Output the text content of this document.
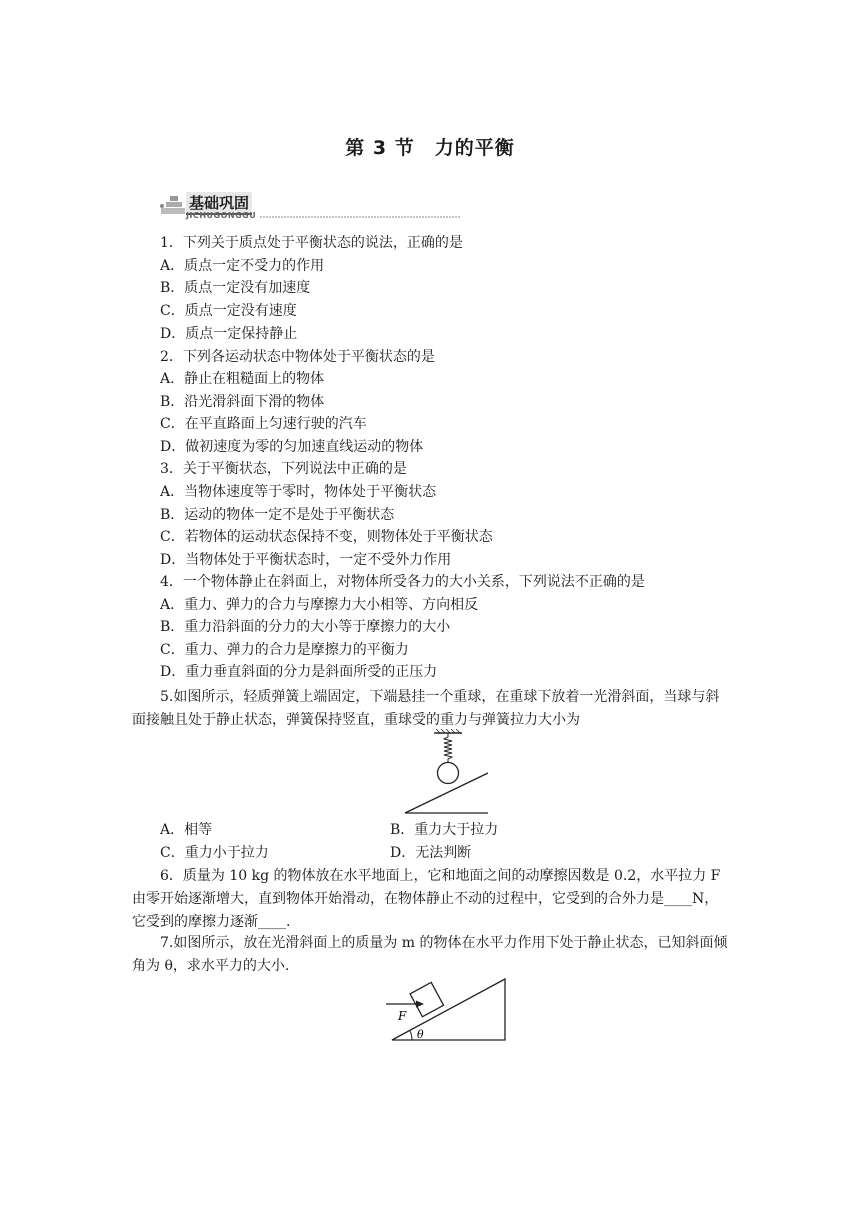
第 3 节　力的平衡
基础巩固
JICHUGONGGU
1．下列关于质点处于平衡状态的说法，正确的是
A．质点一定不受力的作用
B．质点一定没有加速度
C．质点一定没有速度
D．质点一定保持静止
2．下列各运动状态中物体处于平衡状态的是
A．静止在粗糙面上的物体
B．沿光滑斜面下滑的物体
C．在平直路面上匀速行驶的汽车
D．做初速度为零的匀加速直线运动的物体
3．关于平衡状态，下列说法中正确的是
A．当物体速度等于零时，物体处于平衡状态
B．运动的物体一定不是处于平衡状态
C．若物体的运动状态保持不变，则物体处于平衡状态
D．当物体处于平衡状态时，一定不受外力作用
4．一个物体静止在斜面上，对物体所受各力的大小关系，下列说法不正确的是
A．重力、弹力的合力与摩擦力大小相等、方向相反
B．重力沿斜面的分力的大小等于摩擦力的大小
C．重力、弹力的合力是摩擦力的平衡力
D．重力垂直斜面的分力是斜面所受的正压力
5.如图所示，轻质弹簧上端固定，下端悬挂一个重球，在重球下放着一光滑斜面，当球与斜面接触且处于静止状态，弹簧保持竖直，重球受的重力与弹簧拉力大小为
A．相等	B．重力大于拉力
C．重力小于拉力	D．无法判断
6．质量为 10 kg 的物体放在水平地面上，它和地面之间的动摩擦因数是 0.2，水平拉力 F 由零开始逐渐增大，直到物体开始滑动，在物体静止不动的过程中，它受到的合外力是____N，它受到的摩擦力逐渐____.
7.如图所示，放在光滑斜面上的质量为 m 的物体在水平力作用下处于静止状态，已知斜面倾角为 θ，求水平力的大小.
F
θ
